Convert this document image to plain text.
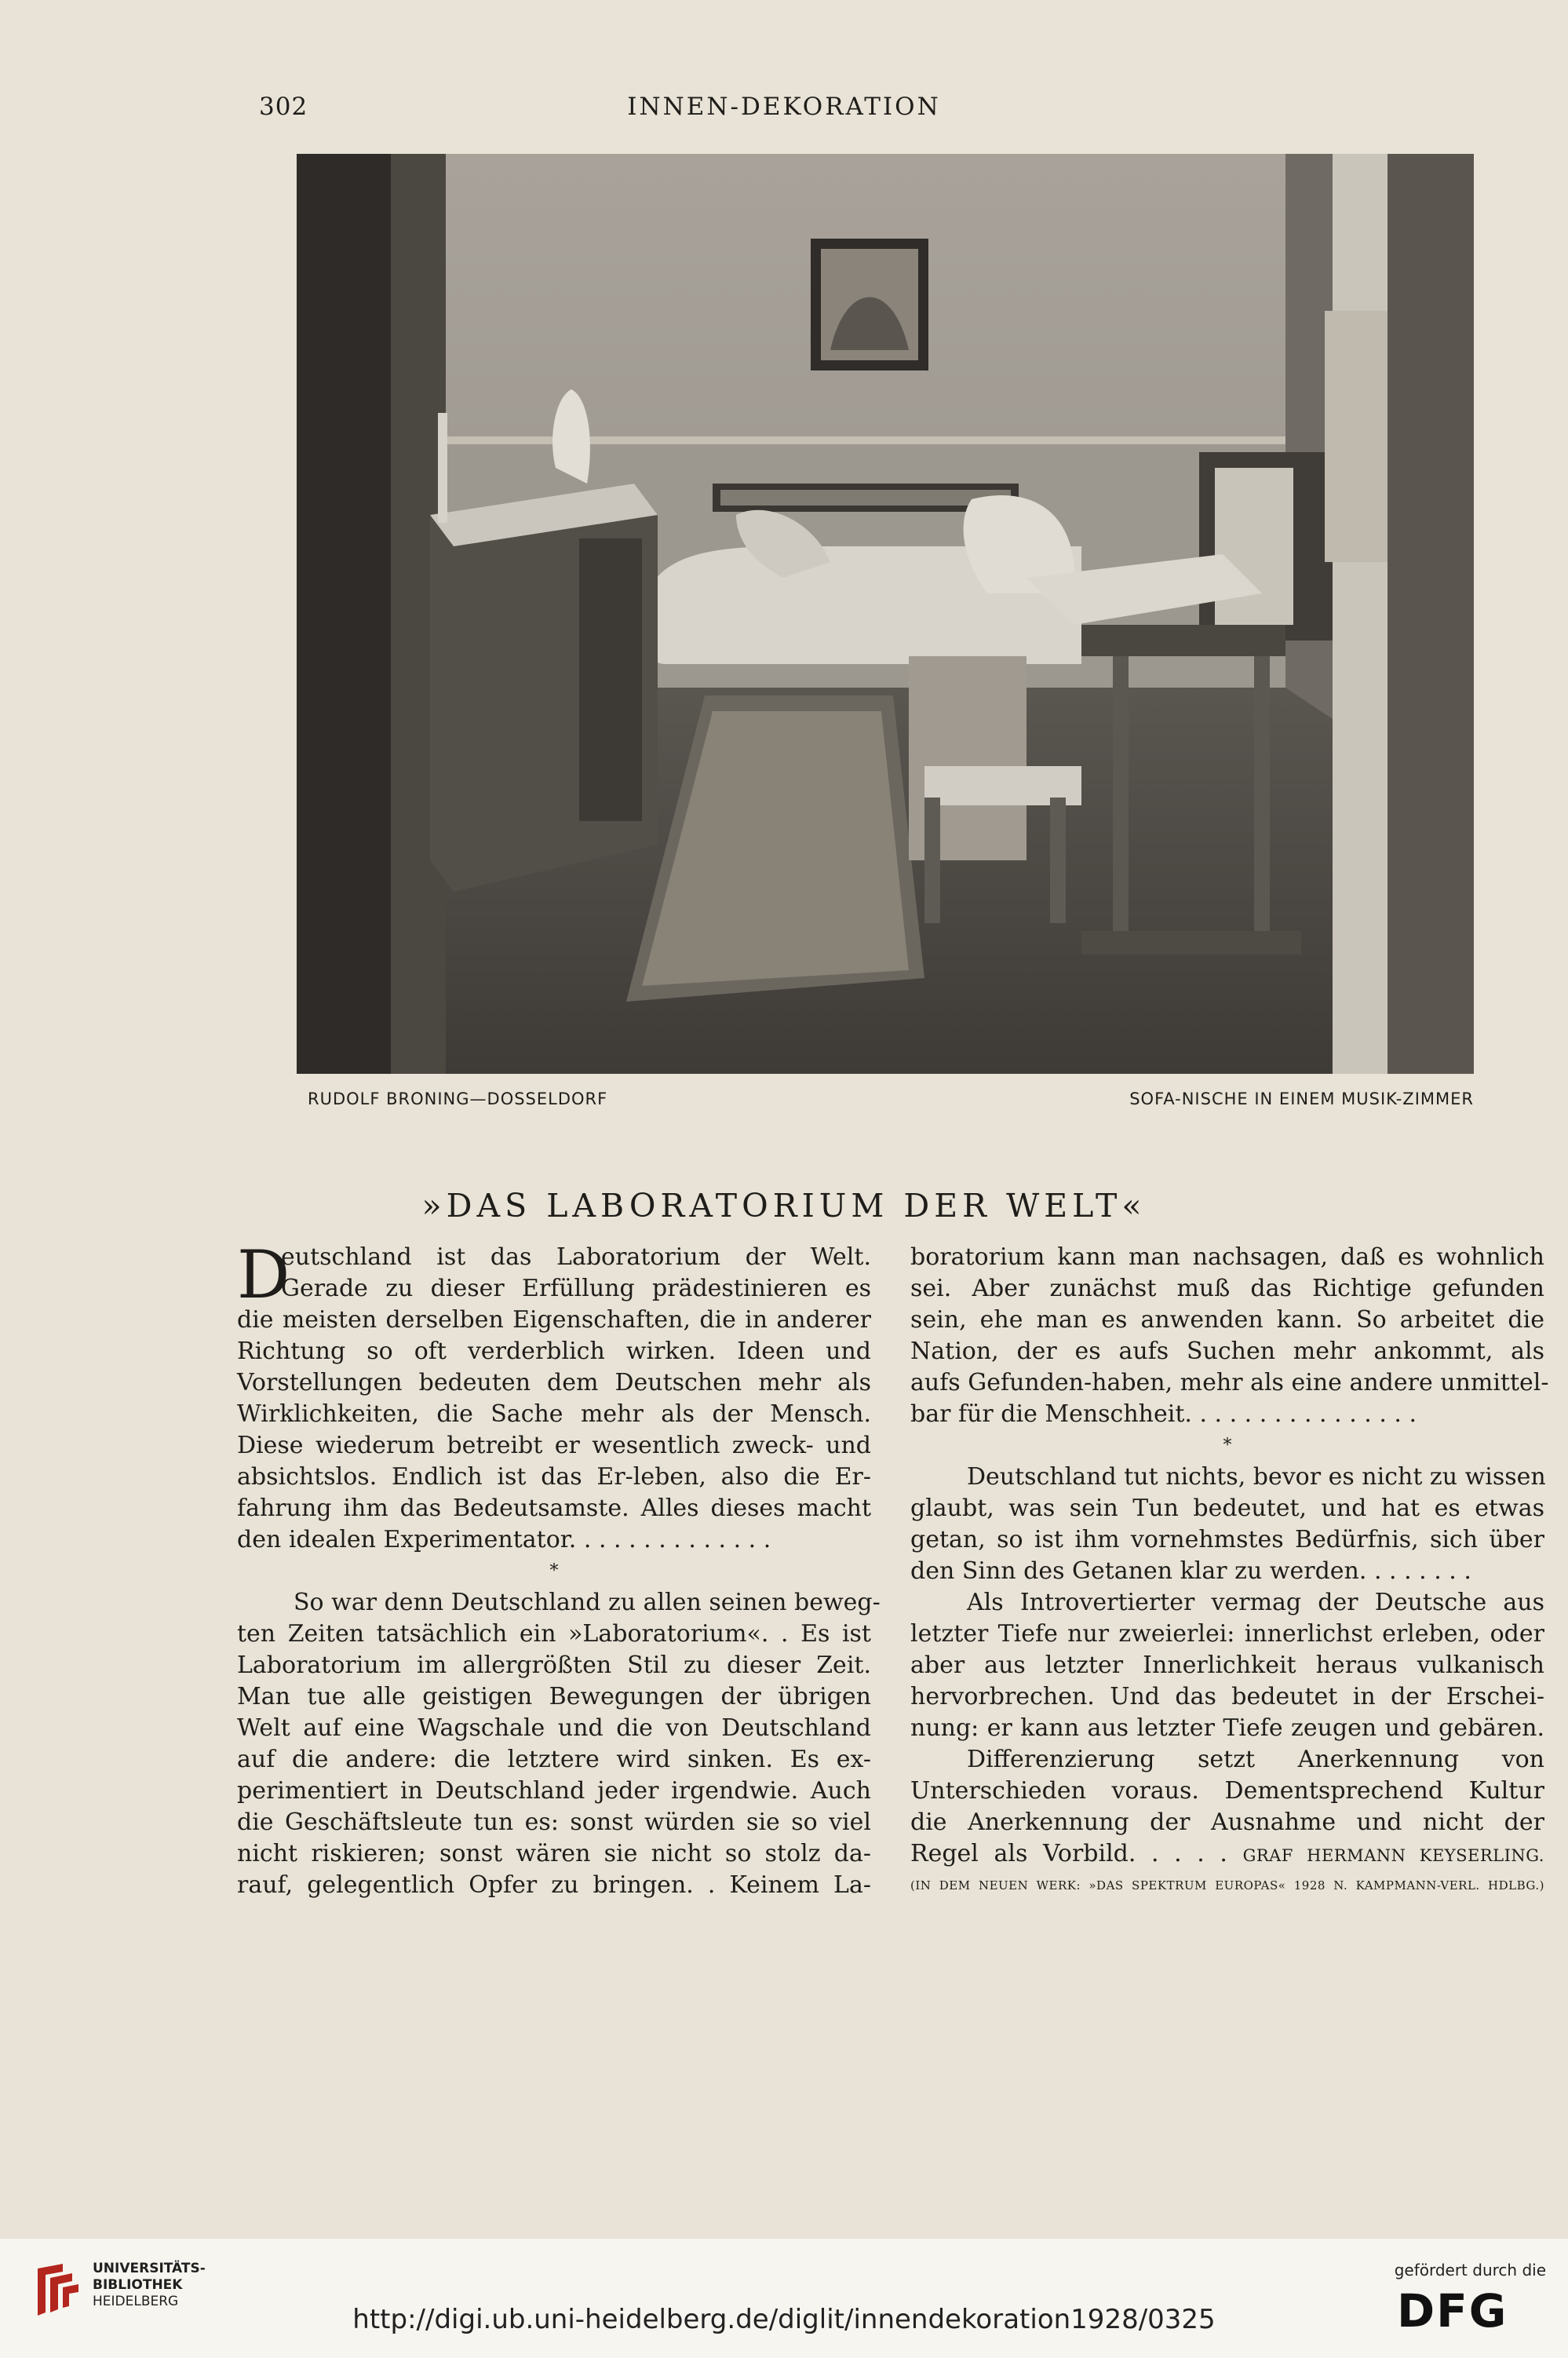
302	INNEN-DEKORATION
RUDOLF BRONING—DOSSELDORF	SOFA-NISCHE IN EINEM MUSIK-ZIMMER
»DAS LABORATORIUM DER WELT«
D
eutschland ist das Laboratorium der Welt.
Gerade zu dieser Erfüllung prädestinieren es
die meisten derselben Eigenschaften, die in anderer
Richtung so oft verderblich wirken. Ideen und
Vorstellungen bedeuten dem Deutschen mehr als
Wirklichkeiten, die Sache mehr als der Mensch.
Diese wiederum betreibt er wesentlich zweck- und
absichtslos. Endlich ist das Er-leben, also die Er-
fahrung ihm das Bedeutsamste. Alles dieses macht
den idealen Experimentator. . . . . . . . . . . . . .
*
So war denn Deutschland zu allen seinen beweg-
ten Zeiten tatsächlich ein »Laboratorium«. . Es ist
Laboratorium im allergrößten Stil zu dieser Zeit.
Man tue alle geistigen Bewegungen der übrigen
Welt auf eine Wagschale und die von Deutschland
auf die andere: die letztere wird sinken. Es ex-
perimentiert in Deutschland jeder irgendwie. Auch
die Geschäftsleute tun es: sonst würden sie so viel
nicht riskieren; sonst wären sie nicht so stolz da-
rauf, gelegentlich Opfer zu bringen. . Keinem La-
boratorium kann man nachsagen, daß es wohnlich
sei. Aber zunächst muß das Richtige gefunden
sein, ehe man es anwenden kann. So arbeitet die
Nation, der es aufs Suchen mehr ankommt, als
aufs Gefunden-haben, mehr als eine andere unmittel-
bar für die Menschheit. . . . . . . . . . . . . . . .
*
Deutschland tut nichts, bevor es nicht zu wissen
glaubt, was sein Tun bedeutet, und hat es etwas
getan, so ist ihm vornehmstes Bedürfnis, sich über
den Sinn des Getanen klar zu werden. . . . . . . .
Als Introvertierter vermag der Deutsche aus
letzter Tiefe nur zweierlei: innerlichst erleben, oder
aber aus letzter Innerlichkeit heraus vulkanisch
hervorbrechen. Und das bedeutet in der Erschei-
nung: er kann aus letzter Tiefe zeugen und gebären.
Differenzierung setzt Anerkennung von
Unterschieden voraus. Dementsprechend Kultur
die Anerkennung der Ausnahme und nicht der
Regel als Vorbild. . . . . GRAF HERMANN KEYSERLING.
(IN DEM NEUEN WERK: »DAS SPEKTRUM EUROPAS« 1928 N. KAMPMANN-VERL. HDLBG.)
UNIVERSITÄTS-
BIBLIOTHEK
HEIDELBERG
http://digi.ub.uni-heidelberg.de/diglit/innendekoration1928/0325
gefördert durch die
DFG
